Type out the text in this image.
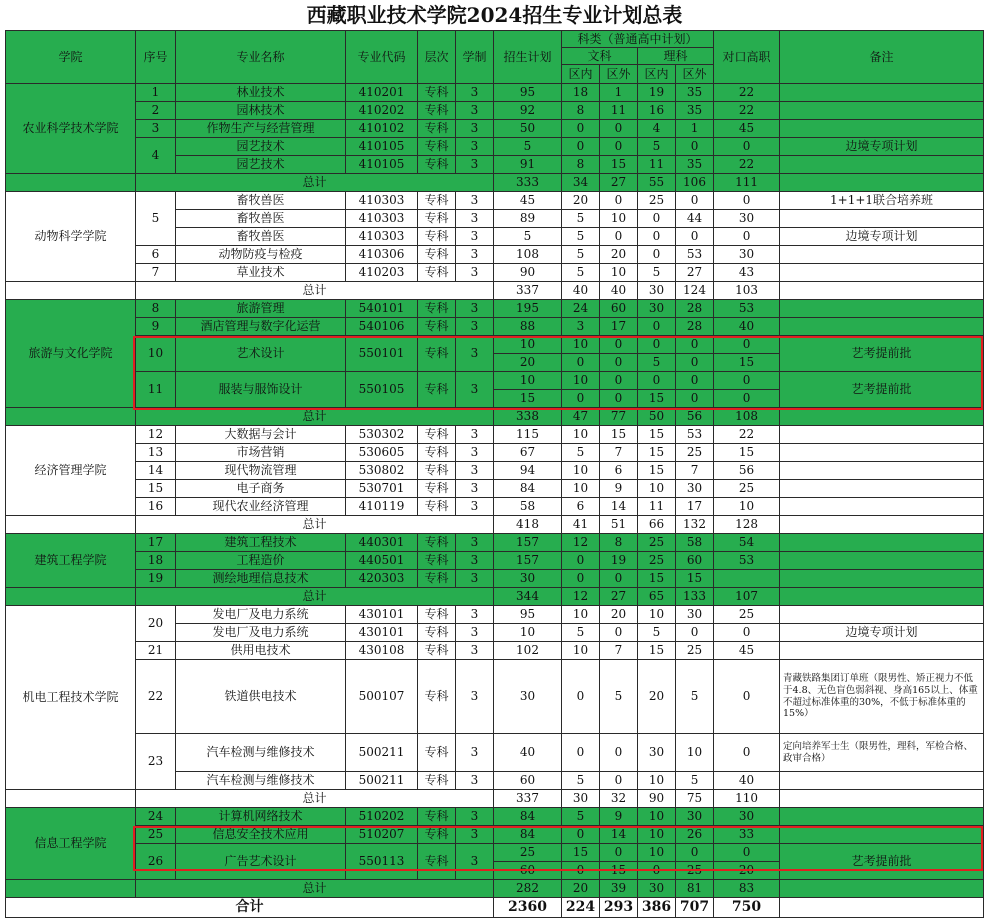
西藏职业技术学院2024招生专业计划总表
学院	序号	专业名称	专业代码	层次	学制	招生计划	科类（普通高中计划）				对口高职	备注
							文科		理科			
							区内	区外	区内	区外		
农业科学技术学院	1	林业技术	410201	专科	3	95	18	1	19	35	22	
	2	园林技术	410202	专科	3	92	8	11	16	35	22	
	3	作物生产与经营管理	410102	专科	3	50	0	0	4	1	45	
	4	园艺技术	410105	专科	3	5	0	0	5	0	0	边境专项计划
		园艺技术	410105	专科	3	91	8	15	11	35	22	
	总计					333	34	27	55	106	111	
动物科学学院	5	畜牧兽医	410303	专科	3	45	20	0	25	0	0	1+1+1联合培养班
		畜牧兽医	410303	专科	3	89	5	10	0	44	30	
		畜牧兽医	410303	专科	3	5	5	0	0	0	0	边境专项计划
	6	动物防疫与检疫	410306	专科	3	108	5	20	0	53	30	
	7	草业技术	410203	专科	3	90	5	10	5	27	43	
	总计					337	40	40	30	124	103	
旅游与文化学院	8	旅游管理	540101	专科	3	195	24	60	30	28	53	
	9	酒店管理与数字化运营	540106	专科	3	88	3	17	0	28	40	
	10	艺术设计	550101	专科	3	10	10	0	0	0	0	艺考提前批
						20	0	0	5	0	15	
	11	服装与服饰设计	550105	专科	3	10	10	0	0	0	0	艺考提前批
						15	0	0	15	0	0	
	总计					338	47	77	50	56	108	
经济管理学院	12	大数据与会计	530302	专科	3	115	10	15	15	53	22	
	13	市场营销	530605	专科	3	67	5	7	15	25	15	
	14	现代物流管理	530802	专科	3	94	10	6	15	7	56	
	15	电子商务	530701	专科	3	84	10	9	10	30	25	
	16	现代农业经济管理	410119	专科	3	58	6	14	11	17	10	
	总计					418	41	51	66	132	128	
建筑工程学院	17	建筑工程技术	440301	专科	3	157	12	8	25	58	54	
	18	工程造价	440501	专科	3	157	0	19	25	60	53	
	19	测绘地理信息技术	420303	专科	3	30	0	0	15	15		
	总计					344	12	27	65	133	107	
机电工程技术学院	20	发电厂及电力系统	430101	专科	3	95	10	20	10	30	25	
		发电厂及电力系统	430101	专科	3	10	5	0	5	0	0	边境专项计划
	21	供用电技术	430108	专科	3	102	10	7	15	25	45	
	22	铁道供电技术	500107	专科	3	30	0	5	20	5	0	青藏铁路集团订单班（限男性、矫正视力不低于4.8、无色盲色弱斜视、身高165以上、体重不超过标准体重的30%，不低于标准体重的15%）
	23	汽车检测与维修技术	500211	专科	3	40	0	0	30	10	0	定向培养军士生（限男性，理科，军检合格、政审合格）
		汽车检测与维修技术	500211	专科	3	60	5	0	10	5	40	
	总计					337	30	32	90	75	110	
信息工程学院	24	计算机网络技术	510202	专科	3	84	5	9	10	30	30	
	25	信息安全技术应用	510207	专科	3	84	0	14	10	26	33	
	26	广告艺术设计	550113	专科	3	25	15	0	10	0	0	艺考提前批
						60	0	15	0	25	20	
	总计					282	20	39	30	81	83	
合计						2360	224	293	386	707	750	
